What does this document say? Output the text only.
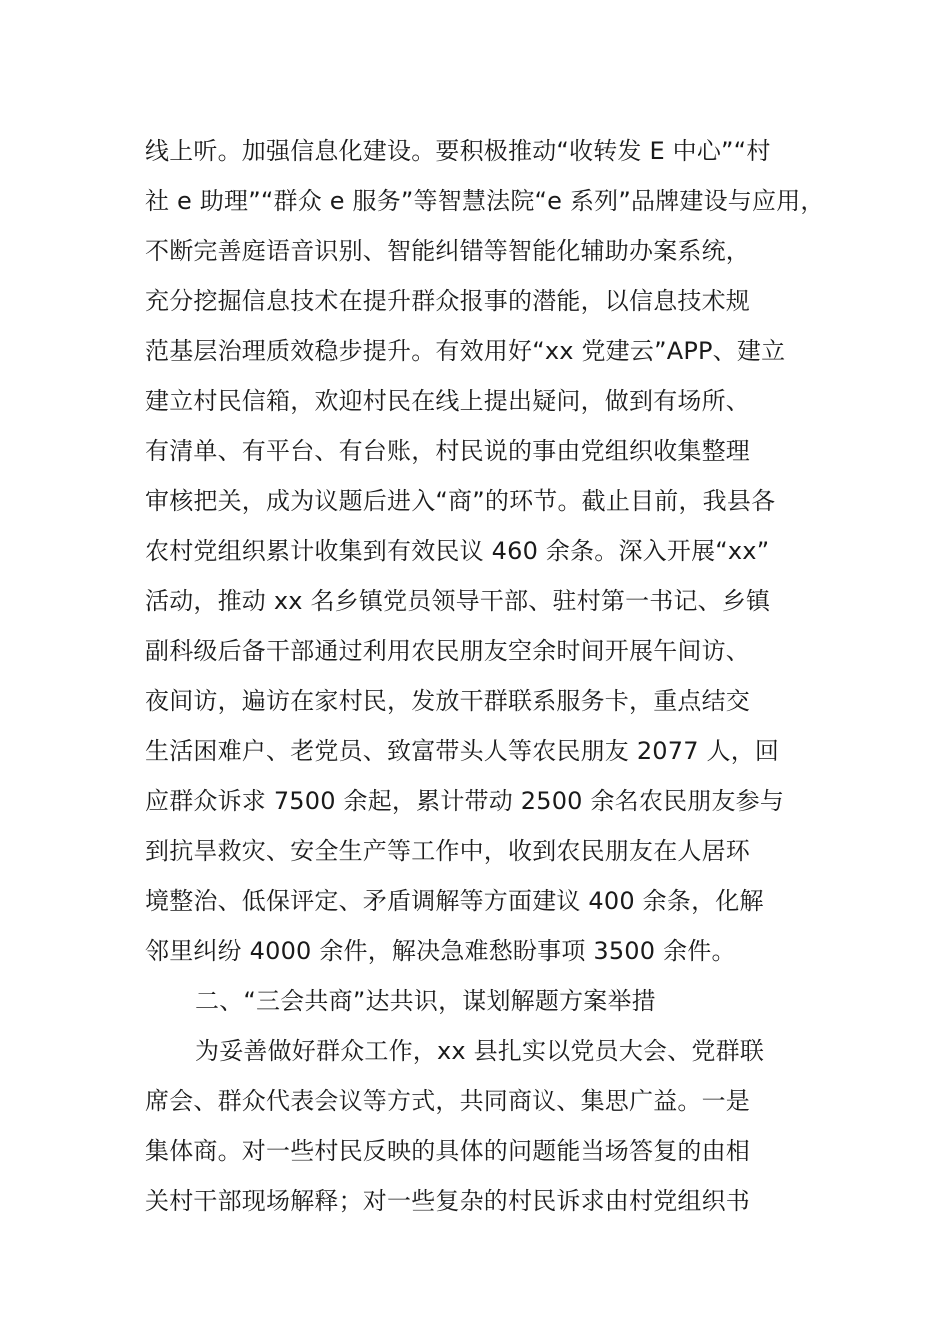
线上听。加强信息化建设。要积极推动“收转发 E 中心”“村
社 e 助理”“群众 e 服务”等智慧法院“e 系列”品牌建设与应用，
不断完善庭语音识别、智能纠错等智能化辅助办案系统，
充分挖掘信息技术在提升群众报事的潜能，以信息技术规
范基层治理质效稳步提升。有效用好“xx 党建云”APP、建立
建立村民信箱，欢迎村民在线上提出疑问，做到有场所、
有清单、有平台、有台账，村民说的事由党组织收集整理
审核把关，成为议题后进入“商”的环节。截止目前，我县各
农村党组织累计收集到有效民议 460 余条。深入开展“xx”
活动，推动 xx 名乡镇党员领导干部、驻村第一书记、乡镇
副科级后备干部通过利用农民朋友空余时间开展午间访、
夜间访，遍访在家村民，发放干群联系服务卡，重点结交
生活困难户、老党员、致富带头人等农民朋友 2077 人，回
应群众诉求 7500 余起，累计带动 2500 余名农民朋友参与
到抗旱救灾、安全生产等工作中，收到农民朋友在人居环
境整治、低保评定、矛盾调解等方面建议 400 余条，化解
邻里纠纷 4000 余件，解决急难愁盼事项 3500 余件。
二、“三会共商”达共识，谋划解题方案举措
为妥善做好群众工作，xx 县扎实以党员大会、党群联
席会、群众代表会议等方式，共同商议、集思广益。一是
集体商。对一些村民反映的具体的问题能当场答复的由相
关村干部现场解释；对一些复杂的村民诉求由村党组织书
